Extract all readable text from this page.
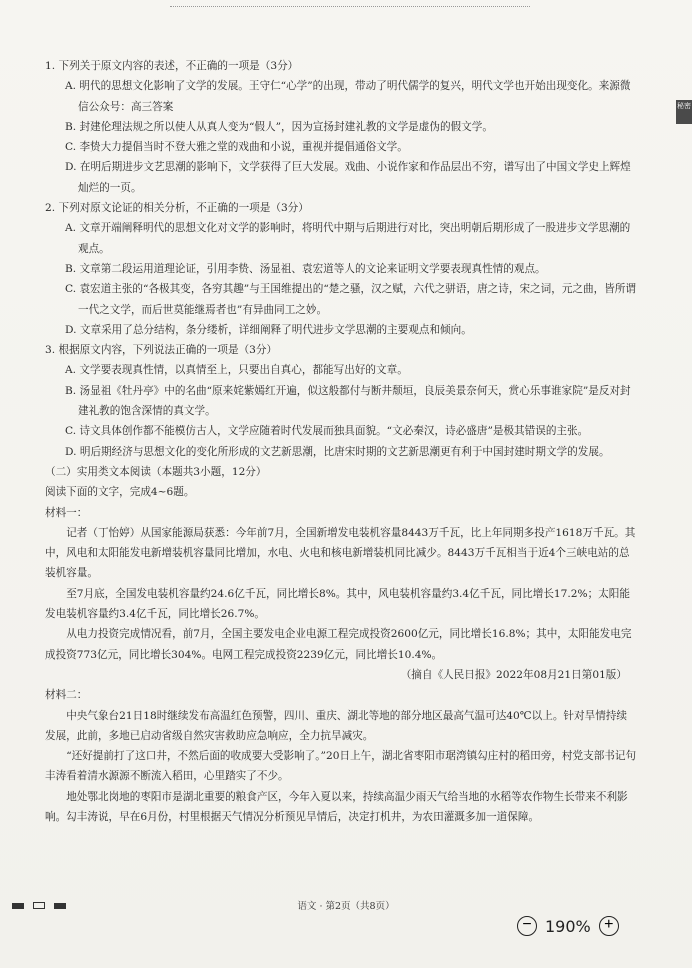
秘密

1. 下列关于原文内容的表述，不正确的一项是（3分）

A. 明代的思想文化影响了文学的发展。王守仁“心学”的出现，带动了明代儒学的复兴，明代文学也开始出现变化。来源微信公众号：高三答案

B. 封建伦理法规之所以使人从真人变为“假人”，因为宣扬封建礼教的文学是虚伪的假文学。

C. 李贽大力提倡当时不登大雅之堂的戏曲和小说，重视并提倡通俗文学。

D. 在明后期进步文艺思潮的影响下，文学获得了巨大发展。戏曲、小说作家和作品层出不穷，谱写出了中国文学史上辉煌灿烂的一页。

2. 下列对原文论证的相关分析，不正确的一项是（3分）

A. 文章开端阐释明代的思想文化对文学的影响时，将明代中期与后期进行对比，突出明朝后期形成了一股进步文学思潮的观点。

B. 文章第二段运用道理论证，引用李贽、汤显祖、袁宏道等人的文论来证明文学要表现真性情的观点。

C. 袁宏道主张的“各极其变，各穷其趣”与王国维提出的“楚之骚，汉之赋，六代之骈语，唐之诗，宋之词，元之曲，皆所谓一代之文学，而后世莫能继焉者也”有异曲同工之妙。

D. 文章采用了总分结构，条分缕析，详细阐释了明代进步文学思潮的主要观点和倾向。

3. 根据原文内容，下列说法正确的一项是（3分）

A. 文学要表现真性情，以真情至上，只要出自真心，都能写出好的文章。

B. 汤显祖《牡丹亭》中的名曲“原来姹紫嫣红开遍，似这般都付与断井颓垣，良辰美景奈何天，赏心乐事谁家院”是反对封建礼教的饱含深情的真文学。

C. 诗文具体创作都不能模仿古人，文学应随着时代发展而独具面貌。“文必秦汉，诗必盛唐”是极其错误的主张。

D. 明后期经济与思想文化的变化所形成的文艺新思潮，比唐宋时期的文艺新思潮更有利于中国封建时期文学的发展。

（二）实用类文本阅读（本题共3小题，12分）

阅读下面的文字，完成4~6题。

材料一：

记者（丁怡婷）从国家能源局获悉：今年前7月，全国新增发电装机容量8443万千瓦，比上年同期多投产1618万千瓦。其中，风电和太阳能发电新增装机容量同比增加，水电、火电和核电新增装机同比减少。8443万千瓦相当于近4个三峡电站的总装机容量。

至7月底，全国发电装机容量约24.6亿千瓦，同比增长8%。其中，风电装机容量约3.4亿千瓦，同比增长17.2%；太阳能发电装机容量约3.4亿千瓦，同比增长26.7%。

从电力投资完成情况看，前7月，全国主要发电企业电源工程完成投资2600亿元，同比增长16.8%；其中，太阳能发电完成投资773亿元，同比增长304%。电网工程完成投资2239亿元，同比增长10.4%。

（摘自《人民日报》2022年08月21日第01版）

材料二：

中央气象台21日18时继续发布高温红色预警，四川、重庆、湖北等地的部分地区最高气温可达40℃以上。针对旱情持续发展，此前，多地已启动省级自然灾害救助应急响应，全力抗旱减灾。

“还好提前打了这口井，不然后面的收成要大受影响了。”20日上午，湖北省枣阳市琚湾镇勾庄村的稻田旁，村党支部书记句丰涛看着清水源源不断流入稻田，心里踏实了不少。

地处鄂北岗地的枣阳市是湖北重要的粮食产区，今年入夏以来，持续高温少雨天气给当地的水稻等农作物生长带来不利影响。勾丰涛说，早在6月份，村里根据天气情况分析预见旱情后，决定打机井，为农田灌溉多加一道保障。

语文 · 第2页（共8页）
− 190% +
